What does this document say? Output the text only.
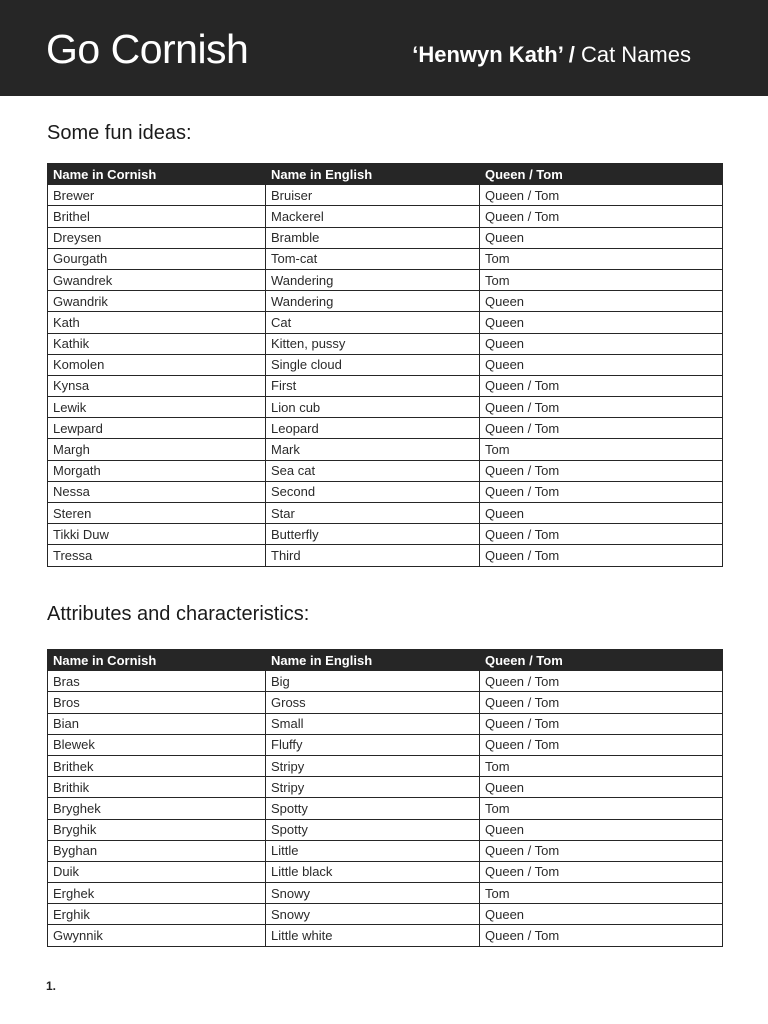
Go Cornish	‘Henwyn Kath’ / Cat Names
Some fun ideas:
Name in Cornish	Name in English	Queen / Tom
Brewer	Bruiser	Queen / Tom
Brithel	Mackerel	Queen / Tom
Dreysen	Bramble	Queen
Gourgath	Tom-cat	Tom
Gwandrek	Wandering	Tom
Gwandrik	Wandering	Queen
Kath	Cat	Queen
Kathik	Kitten, pussy	Queen
Komolen	Single cloud	Queen
Kynsa	First	Queen / Tom
Lewik	Lion cub	Queen / Tom
Lewpard	Leopard	Queen / Tom
Margh	Mark	Tom
Morgath	Sea cat	Queen / Tom
Nessa	Second	Queen / Tom
Steren	Star	Queen
Tikki Duw	Butterfly	Queen / Tom
Tressa	Third	Queen / Tom
Attributes and characteristics:
Name in Cornish	Name in English	Queen / Tom
Bras	Big	Queen / Tom
Bros	Gross	Queen / Tom
Bian	Small	Queen / Tom
Blewek	Fluffy	Queen / Tom
Brithek	Stripy	Tom
Brithik	Stripy	Queen
Bryghek	Spotty	Tom
Bryghik	Spotty	Queen
Byghan	Little	Queen / Tom
Duik	Little black	Queen / Tom
Erghek	Snowy	Tom
Erghik	Snowy	Queen
Gwynnik	Little white	Queen / Tom
1.
